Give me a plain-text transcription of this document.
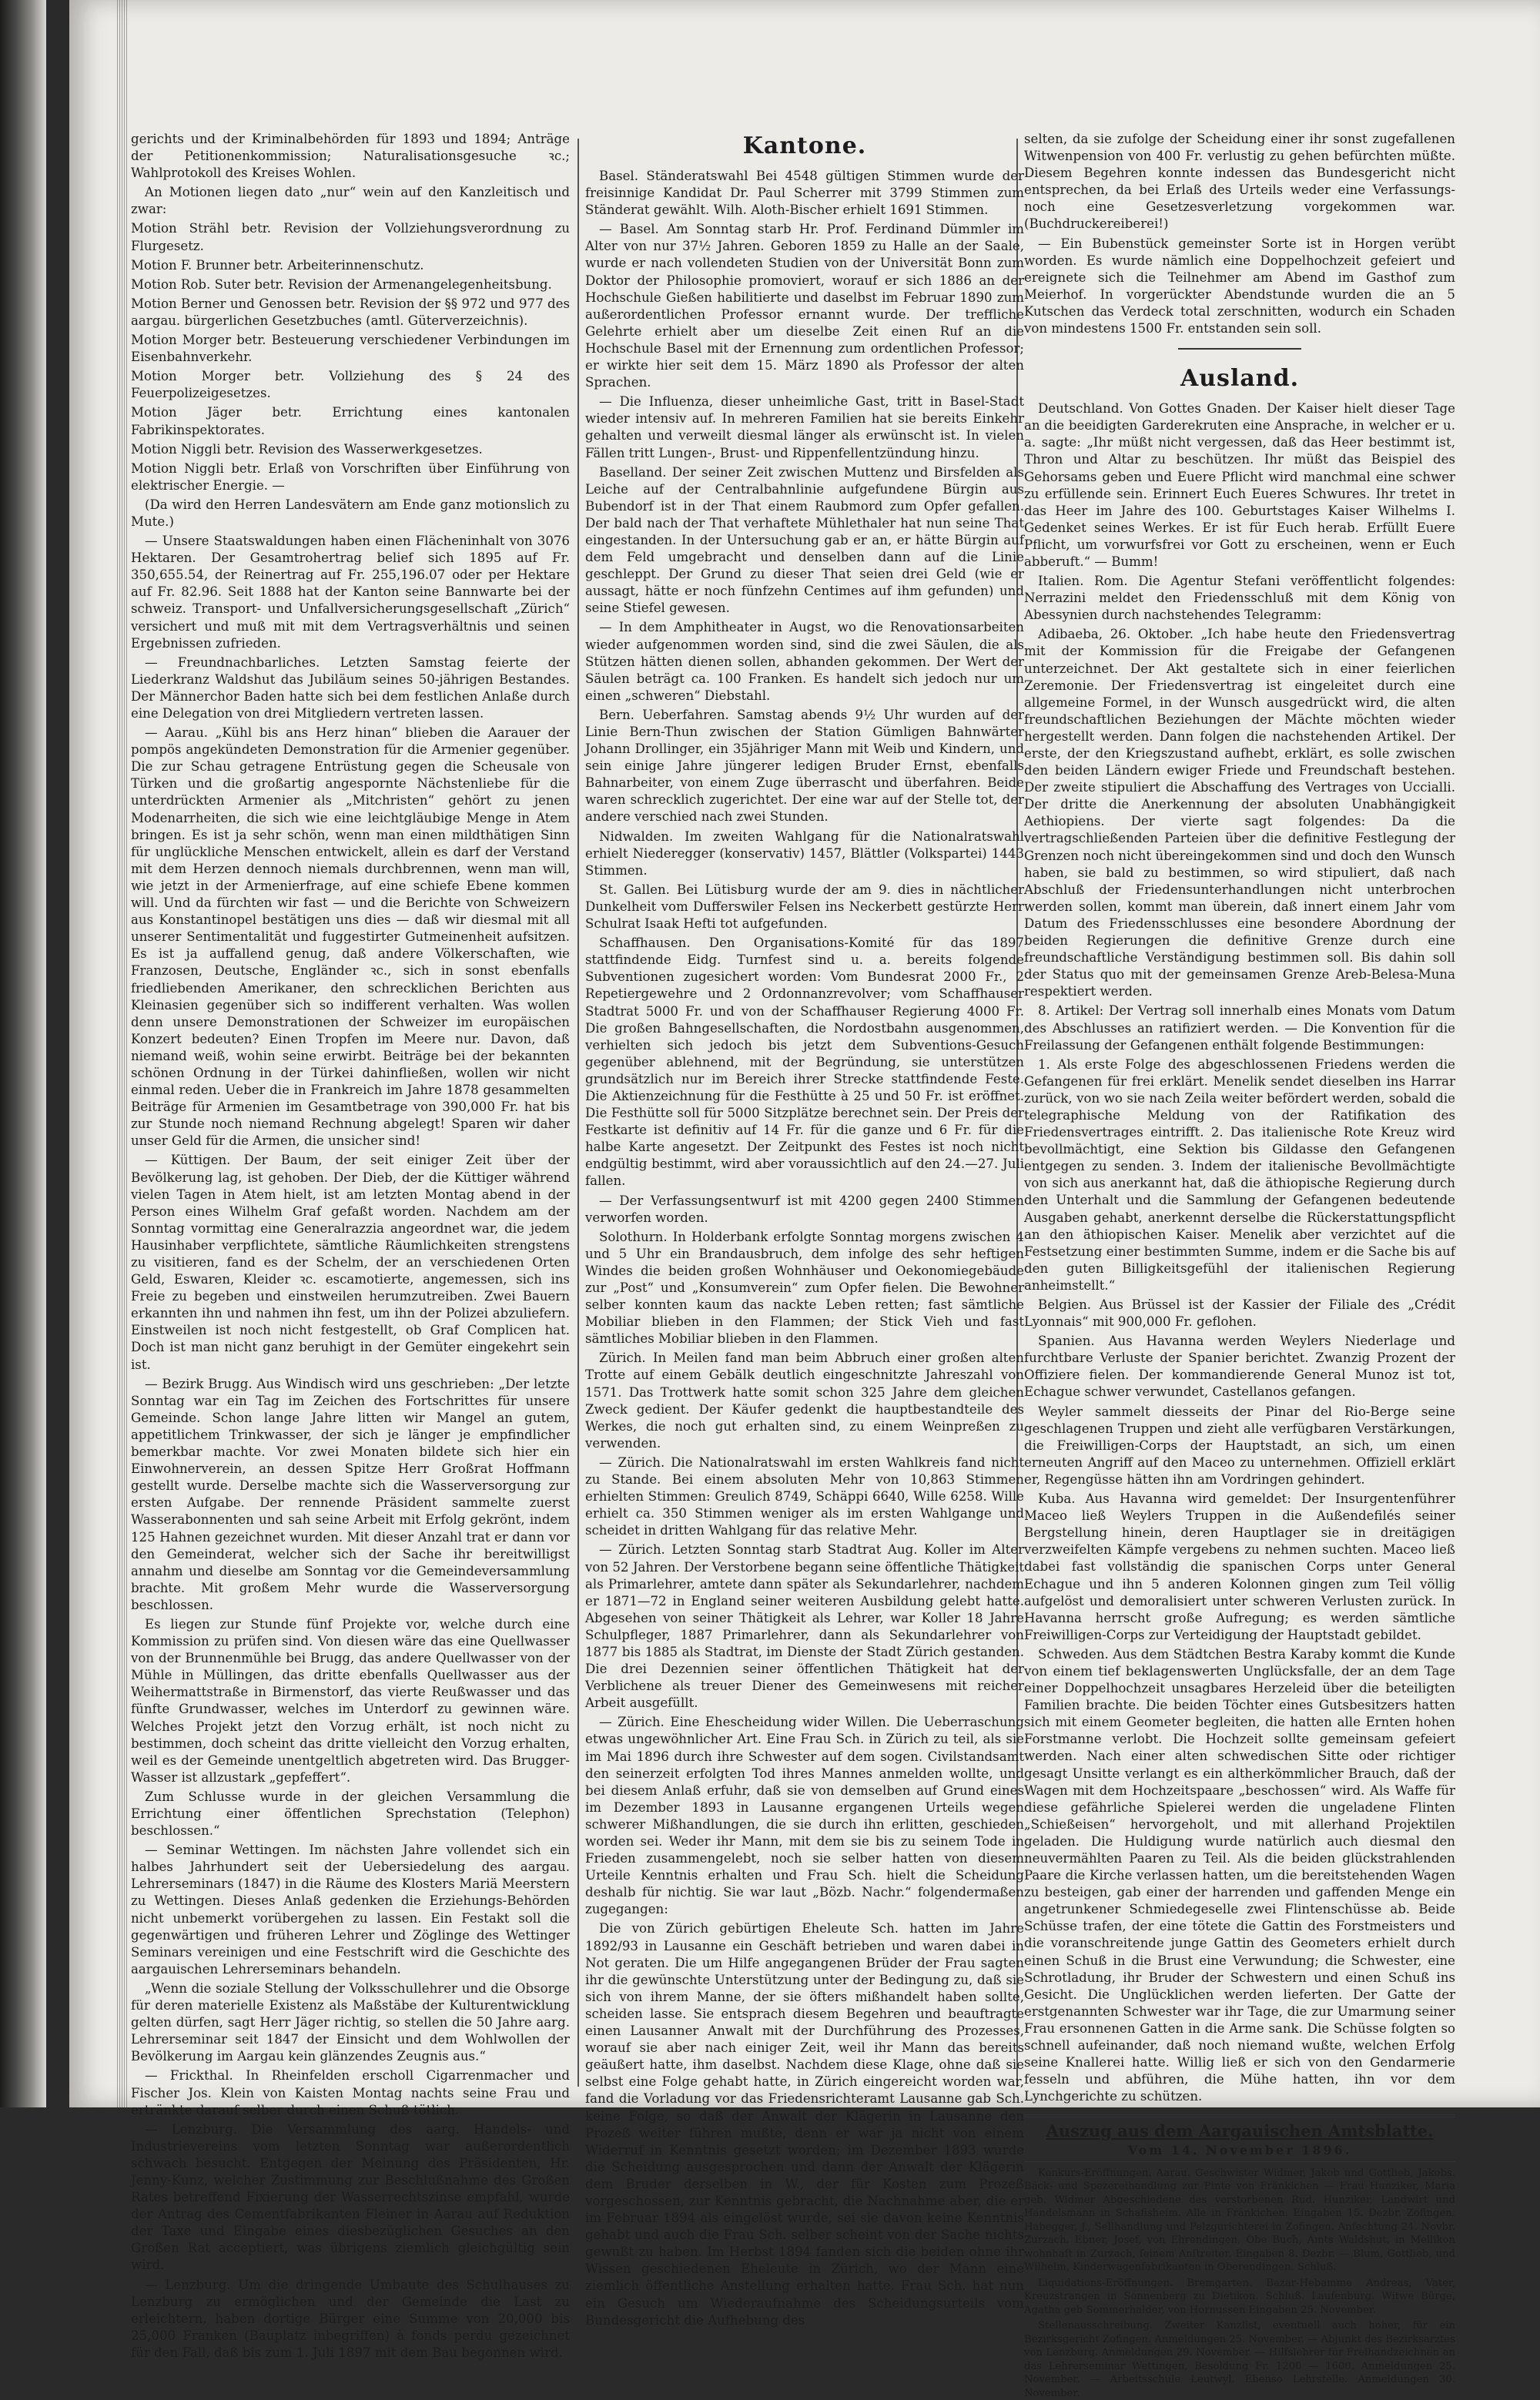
gerichts und der Kriminalbehörden für 1893 und 1894; Anträge der Petitionenkommission; Naturalisationsgesuche ꝛc.; Wahlprotokoll des Kreises Wohlen.

An Motionen liegen dato „nur“ wein auf den Kanzleitisch und zwar:

Motion Strähl betr. Revision der Vollziehungsverordnung zu Flurgesetz.

Motion F. Brunner betr. Arbeiterinnenschutz.

Motion Rob. Suter betr. Revision der Armenangelegenheitsbung.

Motion Berner und Genossen betr. Revision der §§ 972 und 977 des aargau. bürgerlichen Gesetzbuches (amtl. Güterverzeichnis).

Motion Morger betr. Besteuerung verschiedener Verbindungen im Eisenbahnverkehr.

Motion Morger betr. Vollziehung des § 24 des Feuerpolizeigesetzes.

Motion Jäger betr. Errichtung eines kantonalen Fabrikinspektorates.

Motion Niggli betr. Revision des Wasserwerkgesetzes.

Motion Niggli betr. Erlaß von Vorschriften über Einführung von elektrischer Energie. —

(Da wird den Herren Landesvätern am Ende ganz motionslich zu Mute.)

— Unsere Staatswaldungen haben einen Flächeninhalt von 3076 Hektaren. Der Gesamtrohertrag belief sich 1895 auf Fr. 350,655.54, der Reinertrag auf Fr. 255,196.07 oder per Hektare auf Fr. 82.96. Seit 1888 hat der Kanton seine Bannwarte bei der schweiz. Transport- und Unfallversicherungsgesellschaft „Zürich“ versichert und muß mit mit dem Vertragsverhältnis und seinen Ergebnissen zufrieden.

— Freundnachbarliches. Letzten Samstag feierte der Liederkranz Waldshut das Jubiläum seines 50-jährigen Bestandes. Der Männerchor Baden hatte sich bei dem festlichen Anlaße durch eine Delegation von drei Mitgliedern vertreten lassen.

— Aarau. „Kühl bis ans Herz hinan“ blieben die Aarauer der pompös angekündeten Demonstration für die Armenier gegenüber. Die zur Schau getragene Entrüstung gegen die Scheusale von Türken und die großartig angespornte Nächstenliebe für die unterdrückten Armenier als „Mitchristen“ gehört zu jenen Modenarrheiten, die sich wie eine leichtgläubige Menge in Atem bringen. Es ist ja sehr schön, wenn man einen mildthätigen Sinn für unglückliche Menschen entwickelt, allein es darf der Verstand mit dem Herzen dennoch niemals durchbrennen, wenn man will, wie jetzt in der Armenierfrage, auf eine schiefe Ebene kommen will. Und da fürchten wir fast — und die Berichte von Schweizern aus Konstantinopel bestätigen uns dies — daß wir diesmal mit all unserer Sentimentalität und fuggestirter Gutmeinenheit aufsitzen. Es ist ja auffallend genug, daß andere Völkerschaften, wie Franzosen, Deutsche, Engländer ꝛc., sich in sonst ebenfalls friedliebenden Amerikaner, den schrecklichen Berichten aus Kleinasien gegenüber sich so indifferent verhalten. Was wollen denn unsere Demonstrationen der Schweizer im europäischen Konzert bedeuten? Einen Tropfen im Meere nur. Davon, daß niemand weiß, wohin seine erwirbt. Beiträge bei der bekannten schönen Ordnung in der Türkei dahinfließen, wollen wir nicht einmal reden. Ueber die in Frankreich im Jahre 1878 gesammelten Beiträge für Armenien im Gesamtbetrage von 390,000 Fr. hat bis zur Stunde noch niemand Rechnung abgelegt! Sparen wir daher unser Geld für die Armen, die unsicher sind!

— Küttigen. Der Baum, der seit einiger Zeit über der Bevölkerung lag, ist gehoben. Der Dieb, der die Küttiger während vielen Tagen in Atem hielt, ist am letzten Montag abend in der Person eines Wilhelm Graf gefaßt worden. Nachdem am der Sonntag vormittag eine Generalrazzia angeordnet war, die jedem Hausinhaber verpflichtete, sämtliche Räumlichkeiten strengstens zu visitieren, fand es der Schelm, der an verschiedenen Orten Geld, Eswaren, Kleider ꝛc. escamotierte, angemessen, sich ins Freie zu begeben und einstweilen herumzutreiben. Zwei Bauern erkannten ihn und nahmen ihn fest, um ihn der Polizei abzuliefern. Einstweilen ist noch nicht festgestellt, ob Graf Complicen hat. Doch ist man nicht ganz beruhigt in der Gemüter eingekehrt sein ist.

— Bezirk Brugg. Aus Windisch wird uns geschrieben: „Der letzte Sonntag war ein Tag im Zeichen des Fortschrittes für unsere Gemeinde. Schon lange Jahre litten wir Mangel an gutem, appetitlichem Trinkwasser, der sich je länger je empfindlicher bemerkbar machte. Vor zwei Monaten bildete sich hier ein Einwohnerverein, an dessen Spitze Herr Großrat Hoffmann gestellt wurde. Derselbe machte sich die Wasserversorgung zur ersten Aufgabe. Der rennende Präsident sammelte zuerst Wasserabonnenten und sah seine Arbeit mit Erfolg gekrönt, indem 125 Hahnen gezeichnet wurden. Mit dieser Anzahl trat er dann vor den Gemeinderat, welcher sich der Sache ihr bereitwilligst annahm und dieselbe am Sonntag vor die Gemeindeversammlung brachte. Mit großem Mehr wurde die Wasserversorgung beschlossen.

Es liegen zur Stunde fünf Projekte vor, welche durch eine Kommission zu prüfen sind. Von diesen wäre das eine Quellwasser von der Brunnenmühle bei Brugg, das andere Quellwasser von der Mühle in Müllingen, das dritte ebenfalls Quellwasser aus der Weihermattstraße in Birmenstorf, das vierte Reußwasser und das fünfte Grundwasser, welches im Unterdorf zu gewinnen wäre. Welches Projekt jetzt den Vorzug erhält, ist noch nicht zu bestimmen, doch scheint das dritte vielleicht den Vorzug erhalten, weil es der Gemeinde unentgeltlich abgetreten wird. Das Brugger-Wasser ist allzustark „gepfeffert“.

Zum Schlusse wurde in der gleichen Versammlung die Errichtung einer öffentlichen Sprechstation (Telephon) beschlossen.“

— Seminar Wettingen. Im nächsten Jahre vollendet sich ein halbes Jahrhundert seit der Uebersiedelung des aargau. Lehrerseminars (1847) in die Räume des Klosters Mariä Meerstern zu Wettingen. Dieses Anlaß gedenken die Erziehungs-Behörden nicht unbemerkt vorübergehen zu lassen. Ein Festakt soll die gegenwärtigen und früheren Lehrer und Zöglinge des Wettinger Seminars vereinigen und eine Festschrift wird die Geschichte des aargauischen Lehrerseminars behandeln.

„Wenn die soziale Stellung der Volksschullehrer und die Obsorge für deren materielle Existenz als Maßstäbe der Kulturentwicklung gelten dürfen, sagt Herr Jäger richtig, so stellen die 50 Jahre aarg. Lehrerseminar seit 1847 der Einsicht und dem Wohlwollen der Bevölkerung im Aargau kein glänzendes Zeugnis aus.“

— Frickthal. In Rheinfelden erscholl Cigarrenmacher und Fischer Jos. Klein von Kaisten Montag nachts seine Frau und ertränkte darauf selber durch einen Schuß tötlich.

— Lenzburg. Die Versammlung des aarg. Handels- und Industrievereins vom letzten Sonntag war außerordentlich schwach besucht. Entgegen der Meinung des Präsidenten, Hr. Jenny-Kunz, welcher Zustimmung zur Beschlußnahme des Großen Rates betreffend Fixierung der Wasserrechtszinse empfahl, wurde der Antrag des Cementfabrikanten Fleiner in Aarau auf Reduktion der Taxe und Eingabe eines diesbezüglichen Gesuches an den Großen Rat acceptiert, was übrigens ziemlich gleichgültig sein wird.

— Lenzburg. Um die dringende Umbaute des Schulhauses zu Lenzburg zu ermöglichen und der Gemeinde die Last zu erleichtern, haben dortige Bürger eine Summe von 20,000 bis 25,000 Franken (Bauplatz inbegriffen) à fonds perdu gezeichnet für den Fall, daß bis zum 1. Juli 1897 mit dem Bau begonnen wird.

Kantone.

Basel. Ständeratswahl Bei 4548 gültigen Stimmen wurde der freisinnige Kandidat Dr. Paul Scherrer mit 3799 Stimmen zum Ständerat gewählt. Wilh. Aloth-Bischer erhielt 1691 Stimmen.

— Basel. Am Sonntag starb Hr. Prof. Ferdinand Dümmler im Alter von nur 37½ Jahren. Geboren 1859 zu Halle an der Saale, wurde er nach vollendeten Studien von der Universität Bonn zum Doktor der Philosophie promoviert, worauf er sich 1886 an der Hochschule Gießen habilitierte und daselbst im Februar 1890 zum außerordentlichen Professor ernannt wurde. Der treffliche Gelehrte erhielt aber um dieselbe Zeit einen Ruf an die Hochschule Basel mit der Ernennung zum ordentlichen Professor; er wirkte hier seit dem 15. März 1890 als Professor der alten Sprachen.

— Die Influenza, dieser unheimliche Gast, tritt in Basel-Stadt wieder intensiv auf. In mehreren Familien hat sie bereits Einkehr gehalten und verweilt diesmal länger als erwünscht ist. In vielen Fällen tritt Lungen-, Brust- und Rippenfellentzündung hinzu.

Baselland. Der seiner Zeit zwischen Muttenz und Birsfelden als Leiche auf der Centralbahnlinie aufgefundene Bürgin aus Bubendorf ist in der That einem Raubmord zum Opfer gefallen. Der bald nach der That verhaftete Mühlethaler hat nun seine That eingestanden. In der Untersuchung gab er an, er hätte Bürgin auf dem Feld umgebracht und denselben dann auf die Linie geschleppt. Der Grund zu dieser That seien drei Geld (wie er aussagt, hätte er noch fünfzehn Centimes auf ihm gefunden) und seine Stiefel gewesen.

— In dem Amphitheater in Augst, wo die Renovationsarbeiten wieder aufgenommen worden sind, sind die zwei Säulen, die als Stützen hätten dienen sollen, abhanden gekommen. Der Wert der Säulen beträgt ca. 100 Franken. Es handelt sich jedoch nur um einen „schweren“ Diebstahl.

Bern. Ueberfahren. Samstag abends 9½ Uhr wurden auf der Linie Bern-Thun zwischen der Station Gümligen Bahnwärter Johann Drollinger, ein 35jähriger Mann mit Weib und Kindern, und sein einige Jahre jüngerer ledigen Bruder Ernst, ebenfalls Bahnarbeiter, von einem Zuge überrascht und überfahren. Beide waren schrecklich zugerichtet. Der eine war auf der Stelle tot, der andere verschied nach zwei Stunden.

Nidwalden. Im zweiten Wahlgang für die Nationalratswahl erhielt Niederegger (konservativ) 1457, Blättler (Volkspartei) 1443 Stimmen.

St. Gallen. Bei Lütisburg wurde der am 9. dies in nächtlicher Dunkelheit vom Dufferswiler Felsen ins Neckerbett gestürzte Herr Schulrat Isaak Hefti tot aufgefunden.

Schaffhausen. Den Organisations-Komité für das 1897 stattfindende Eidg. Turnfest sind u. a. bereits folgende Subventionen zugesichert worden: Vom Bundesrat 2000 Fr., 2 Repetiergewehre und 2 Ordonnanzrevolver; vom Schaffhauser Stadtrat 5000 Fr. und von der Schaffhauser Regierung 4000 Fr. Die großen Bahngesellschaften, die Nordostbahn ausgenommen, verhielten sich jedoch bis jetzt dem Subventions-Gesuch gegenüber ablehnend, mit der Begründung, sie unterstützen grundsätzlich nur im Bereich ihrer Strecke stattfindende Feste. Die Aktienzeichnung für die Festhütte à 25 und 50 Fr. ist eröffnet. Die Festhütte soll für 5000 Sitzplätze berechnet sein. Der Preis der Festkarte ist definitiv auf 14 Fr. für die ganze und 6 Fr. für die halbe Karte angesetzt. Der Zeitpunkt des Festes ist noch nicht endgültig bestimmt, wird aber voraussichtlich auf den 24.—27. Juli fallen.

— Der Verfassungsentwurf ist mit 4200 gegen 2400 Stimmen verworfen worden.

Solothurn. In Holderbank erfolgte Sonntag morgens zwischen 4 und 5 Uhr ein Brandausbruch, dem infolge des sehr heftigen Windes die beiden großen Wohnhäuser und Oekonomiegebäude zur „Post“ und „Konsumverein“ zum Opfer fielen. Die Bewohner selber konnten kaum das nackte Leben retten; fast sämtliche Mobiliar blieben in den Flammen; der Stick Vieh und fast sämtliches Mobiliar blieben in den Flammen.

Zürich. In Meilen fand man beim Abbruch einer großen alten Trotte auf einem Gebälk deutlich eingeschnitzte Jahreszahl von 1571. Das Trottwerk hatte somit schon 325 Jahre dem gleichen Zweck gedient. Der Käufer gedenkt die hauptbestandteile des Werkes, die noch gut erhalten sind, zu einem Weinpreßen zu verwenden.

— Zürich. Die Nationalratswahl im ersten Wahlkreis fand nicht zu Stande. Bei einem absoluten Mehr von 10,863 Stimmen erhielten Stimmen: Greulich 8749, Schäppi 6640, Wille 6258. Wille erhielt ca. 350 Stimmen weniger als im ersten Wahlgange und scheidet in dritten Wahlgang für das relative Mehr.

— Zürich. Letzten Sonntag starb Stadtrat Aug. Koller im Alter von 52 Jahren. Der Verstorbene begann seine öffentliche Thätigkeit als Primarlehrer, amtete dann später als Sekundarlehrer, nachdem er 1871—72 in England seiner weiteren Ausbildung gelebt hatte. Abgesehen von seiner Thätigkeit als Lehrer, war Koller 18 Jahre Schulpfleger, 1887 Primarlehrer, dann als Sekundarlehrer von 1877 bis 1885 als Stadtrat, im Dienste der Stadt Zürich gestanden. Die drei Dezennien seiner öffentlichen Thätigkeit hat der Verblichene als treuer Diener des Gemeinwesens mit reicher Arbeit ausgefüllt.

— Zürich. Eine Ehescheidung wider Willen. Die Ueberraschung etwas ungewöhnlicher Art. Eine Frau Sch. in Zürich zu teil, als sie im Mai 1896 durch ihre Schwester auf dem sogen. Civilstandsamt den seinerzeit erfolgten Tod ihres Mannes anmelden wollte, und bei diesem Anlaß erfuhr, daß sie von demselben auf Grund eines im Dezember 1893 in Lausanne ergangenen Urteils wegen schwerer Mißhandlungen, die sie durch ihn erlitten, geschieden worden sei. Weder ihr Mann, mit dem sie bis zu seinem Tode in Frieden zusammengelebt, noch sie selber hatten von diesem Urteile Kenntnis erhalten und Frau Sch. hielt die Scheidung deshalb für nichtig. Sie war laut „Bözb. Nachr.“ folgendermaßen zugegangen:

Die von Zürich gebürtigen Eheleute Sch. hatten im Jahre 1892/93 in Lausanne ein Geschäft betrieben und waren dabei in Not geraten. Die um Hilfe angegangenen Brüder der Frau sagten ihr die gewünschte Unterstützung unter der Bedingung zu, daß sie sich von ihrem Manne, der sie öfters mißhandelt haben sollte, scheiden lasse. Sie entsprach diesem Begehren und beauftragte einen Lausanner Anwalt mit der Durchführung des Prozesses, worauf sie aber nach einiger Zeit, weil ihr Mann das bereits geäußert hatte, ihm daselbst. Nachdem diese Klage, ohne daß sie selbst eine Folge gehabt hatte, in Zürich eingereicht worden war, fand die Vorladung vor das Friedensrichteramt Lausanne gab Sch. keine Folge, so daß der Anwalt der Klägerin in Lausanne den Prozeß weiter führen mußte, denn er war ja nicht von einem Widerruf in Kenntnis gesetzt worden; im Dezember 1893 wurde die Scheidung ausgesprochen und dann der Anwalt der Klägerin dem Bruder derselben in W., der für Kosten zum Prozeß vorgeschossen, zur Kenntnis gebracht, die Nachnahme aber, die er im Februar 1894 als eingelöst wurde, sei sie davon keine Kenntnis gehabt und auch die Frau Sch. selber scheint von der Sache nichts gewußt zu haben. Im Herbst 1894 fanden sich die beiden ohne ihr Wissen geschiedenen Eheleute in Zürich, wo der Mann eine ziemlich öffentliche Anstellung erhalten hatte. Frau Sch. hat nun ein Gesuch um Wiederaufnahme des Scheidungsurteils vom Bundesgericht die Aufhebung des

selten, da sie zufolge der Scheidung einer ihr sonst zugefallenen Witwenpension von 400 Fr. verlustig zu gehen befürchten müßte. Diesem Begehren konnte indessen das Bundesgericht nicht entsprechen, da bei Erlaß des Urteils weder eine Verfassungs- noch eine Gesetzesverletzung vorgekommen war. (Buchdruckereiberei!)

— Ein Bubenstück gemeinster Sorte ist in Horgen verübt worden. Es wurde nämlich eine Doppelhochzeit gefeiert und ereignete sich die Teilnehmer am Abend im Gasthof zum Meierhof. In vorgerückter Abendstunde wurden die an 5 Kutschen das Verdeck total zerschnitten, wodurch ein Schaden von mindestens 1500 Fr. entstanden sein soll.

Ausland.

Deutschland. Von Gottes Gnaden. Der Kaiser hielt dieser Tage an die beeidigten Garderekruten eine Ansprache, in welcher er u. a. sagte: „Ihr müßt nicht vergessen, daß das Heer bestimmt ist, Thron und Altar zu beschützen. Ihr müßt das Beispiel des Gehorsams geben und Euere Pflicht wird manchmal eine schwer zu erfüllende sein. Erinnert Euch Eueres Schwures. Ihr tretet in das Heer im Jahre des 100. Geburtstages Kaiser Wilhelms I. Gedenket seines Werkes. Er ist für Euch herab. Erfüllt Euere Pflicht, um vorwurfsfrei vor Gott zu erscheinen, wenn er Euch abberuft.“ — Bumm!

Italien. Rom. Die Agentur Stefani veröffentlicht folgendes: Nerrazini meldet den Friedensschluß mit dem König von Abessynien durch nachstehendes Telegramm:

Adibaeba, 26. Oktober. „Ich habe heute den Friedensvertrag mit der Kommission für die Freigabe der Gefangenen unterzeichnet. Der Akt gestaltete sich in einer feierlichen Zeremonie. Der Friedensvertrag ist eingeleitet durch eine allgemeine Formel, in der Wunsch ausgedrückt wird, die alten freundschaftlichen Beziehungen der Mächte möchten wieder hergestellt werden. Dann folgen die nachstehenden Artikel. Der erste, der den Kriegszustand aufhebt, erklärt, es solle zwischen den beiden Ländern ewiger Friede und Freundschaft bestehen. Der zweite stipuliert die Abschaffung des Vertrages von Uccialli. Der dritte die Anerkennung der absoluten Unabhängigkeit Aethiopiens. Der vierte sagt folgendes: Da die vertragschließenden Parteien über die definitive Festlegung der Grenzen noch nicht übereingekommen sind und doch den Wunsch haben, sie bald zu bestimmen, so wird stipuliert, daß nach Abschluß der Friedensunterhandlungen nicht unterbrochen werden sollen, kommt man überein, daß innert einem Jahr vom Datum des Friedensschlusses eine besondere Abordnung der beiden Regierungen die definitive Grenze durch eine freundschaftliche Verständigung bestimmen soll. Bis dahin soll der Status quo mit der gemeinsamen Grenze Areb-Belesa-Muna respektiert werden.

8. Artikel: Der Vertrag soll innerhalb eines Monats vom Datum des Abschlusses an ratifiziert werden. — Die Konvention für die Freilassung der Gefangenen enthält folgende Bestimmungen:

1. Als erste Folge des abgeschlossenen Friedens werden die Gefangenen für frei erklärt. Menelik sendet dieselben ins Harrar zurück, von wo sie nach Zeila weiter befördert werden, sobald die telegraphische Meldung von der Ratifikation des Friedensvertrages eintrifft. 2. Das italienische Rote Kreuz wird bevollmächtigt, eine Sektion bis Gildasse den Gefangenen entgegen zu senden. 3. Indem der italienische Bevollmächtigte von sich aus anerkannt hat, daß die äthiopische Regierung durch den Unterhalt und die Sammlung der Gefangenen bedeutende Ausgaben gehabt, anerkennt derselbe die Rückerstattungspflicht an den äthiopischen Kaiser. Menelik aber verzichtet auf die Festsetzung einer bestimmten Summe, indem er die Sache bis auf den guten Billigkeitsgefühl der italienischen Regierung anheimstellt.“

Belgien. Aus Brüssel ist der Kassier der Filiale des „Crédit Lyonnais“ mit 900,000 Fr. geflohen.

Spanien. Aus Havanna werden Weylers Niederlage und furchtbare Verluste der Spanier berichtet. Zwanzig Prozent der Offiziere fielen. Der kommandierende General Munoz ist tot, Echague schwer verwundet, Castellanos gefangen.

Weyler sammelt diesseits der Pinar del Rio-Berge seine geschlagenen Truppen und zieht alle verfügbaren Verstärkungen, die Freiwilligen-Corps der Hauptstadt, an sich, um einen erneuten Angriff auf den Maceo zu unternehmen. Offiziell erklärt er, Regengüsse hätten ihn am Vordringen gehindert.

Kuba. Aus Havanna wird gemeldet: Der Insurgentenführer Maceo ließ Weylers Truppen in die Außendefilés seiner Bergstellung hinein, deren Hauptlager sie in dreitägigen verzweifelten Kämpfe vergebens zu nehmen suchten. Maceo ließ dabei fast vollständig die spanischen Corps unter General Echague und ihn 5 anderen Kolonnen gingen zum Teil völlig aufgelöst und demoralisiert unter schweren Verlusten zurück. In Havanna herrscht große Aufregung; es werden sämtliche Freiwilligen-Corps zur Verteidigung der Hauptstadt gebildet.

Schweden. Aus dem Städtchen Bestra Karaby kommt die Kunde von einem tief beklagenswerten Unglücksfalle, der an dem Tage einer Doppelhochzeit unsagbares Herzeleid über die beteiligten Familien brachte. Die beiden Töchter eines Gutsbesitzers hatten sich mit einem Geometer begleiten, die hatten alle Ernten hohen Forstmanne verlobt. Die Hochzeit sollte gemeinsam gefeiert werden. Nach einer alten schwedischen Sitte oder richtiger gesagt Unsitte verlangt es ein altherkömmlicher Brauch, daß der Wagen mit dem Hochzeitspaare „beschossen“ wird. Als Waffe für diese gefährliche Spielerei werden die ungeladene Flinten „Schießeisen“ hervorgeholt, und mit allerhand Projektilen geladen. Die Huldigung wurde natürlich auch diesmal den neuvermählten Paaren zu Teil. Als die beiden glückstrahlenden Paare die Kirche verlassen hatten, um die bereitstehenden Wagen zu besteigen, gab einer der harrenden und gaffenden Menge ein angetrunkener Schmiedegeselle zwei Flintenschüsse ab. Beide Schüsse trafen, der eine tötete die Gattin des Forstmeisters und die voranschreitende junge Gattin des Geometers erhielt durch einen Schuß in die Brust eine Verwundung; die Schwester, eine Schrotladung, ihr Bruder der Schwestern und einen Schuß ins Gesicht. Die Unglücklichen werden lieferten. Der Gatte der erstgenannten Schwester war ihr Tage, die zur Umarmung seiner Frau ersonnenen Gatten in die Arme sank. Die Schüsse folgten so schnell aufeinander, daß noch niemand wußte, welchen Erfolg seine Knallerei hatte. Willig ließ er sich von den Gendarmerie fesseln und abführen, die Mühe hatten, ihn vor dem Lynchgerichte zu schützen.

Auszug aus dem Aargauischen Amtsblatte.
Vom 14. November 1896.

Konkurs-Eröffnungen. Aarau. Geschwister Widmer, Jakob und Gottlieb, Jakobs. Bäck- und Spezereihandlung zur Pinte von Fränkichen — Frau Hunziker, Maria geb. Widmer Abgeschiedene des verstorbenen Rud. Hunziker, Landwirt und Handelsmann in Schafisheim. Alle in Fränkichen. Eingaben 15. Dezbr. Zofingen. Habegger, J., Sellhandlung und Pelzgurichterei in Zofingen. Anfechtung 24. Novbr. Zurzach. Ebner, Josef, von Ehrendingen, Obe Buch, Amts Waldshut, in Mellikon wohnhaft in Zurzach, ſeinem Anſtreiter. Eingaben 8. Dezbr. — Blum, Gottlieb, und Wilhelm, Kinderwagenfabrikanten in Oberendingen. Schluß.

Liquidations-Eröffnungen. Bremgarten. Bazar-Hebamme Andreas, Vater, Kreuzstrangen in Sonnenberg zu Dietikon. Schluß. Laufenburg. Witwe Bürge, Agatha geb Sommerhalder, von Hornussen Eingaben 25. November.

Stellenausschreibung. Zweiter Kanzlist, eventuell auch hoher, für ein Bezirksgericht Zofingen. Anmeldungen 25. November. — Abjunkt des Bezirksarztes von Lenzburg. Anmeldungen 29. November. — Hilfslehrer für Freihandzeichnen an das Lehrerseminar Wettingen, Besoldung Fr. 1200 — 1600. Anmeldungen 25. November. — Arbeitsschule Leutwyl. Ebenso Lehrstelle. Anmeldungen 30. November.
